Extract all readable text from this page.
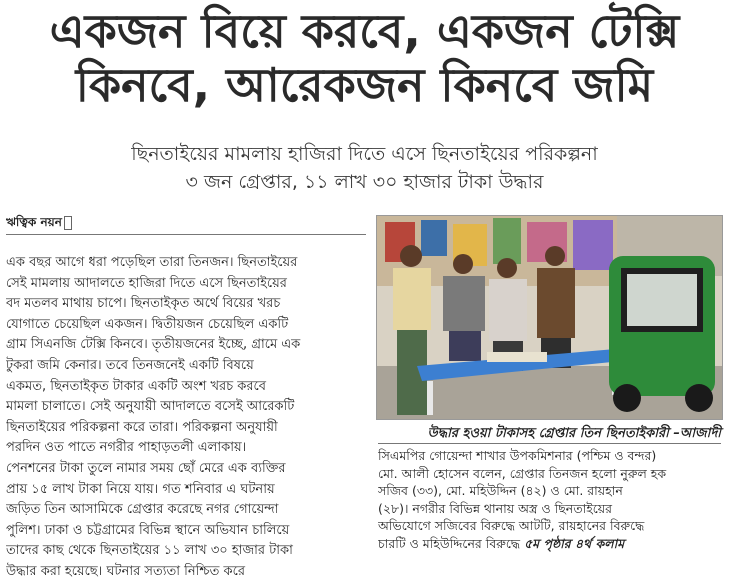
একজন বিয়ে করবে, একজন টেক্সি
কিনবে, আরেকজন কিনবে জমি
ছিনতাইয়ের মামলায় হাজিরা দিতে এসে ছিনতাইয়ের পরিকল্পনা
৩ জন গ্রেপ্তার, ১১ লাখ ৩০ হাজার টাকা উদ্ধার
ঋত্বিক নয়ন
এক বছর আগে ধরা পড়েছিল তারা তিনজন। ছিনতাইয়ের
সেই মামলায় আদালতে হাজিরা দিতে এসে ছিনতাইয়ের
বদ মতলব মাথায় চাপে। ছিনতাইকৃত অর্থে বিয়ের খরচ
যোগাতে চেয়েছিল একজন। দ্বিতীয়জন চেয়েছিল একটি
গ্রাম সিএনজি টেক্সি কিনবে। তৃতীয়জনের ইচ্ছে, গ্রামে এক
টুকরা জমি কেনার। তবে তিনজনেই একটি বিষয়ে
একমত, ছিনতাইকৃত টাকার একটি অংশ খরচ করবে
মামলা চালাতে। সেই অনুযায়ী আদালতে বসেই আরেকটি
ছিনতাইয়ের পরিকল্পনা করে তারা। পরিকল্পনা অনুযায়ী
পরদিন ওত পাতে নগরীর পাহাড়তলী এলাকায়।
পেনশনের টাকা তুলে নামার সময় ছোঁ মেরে এক ব্যক্তির
প্রায় ১৫ লাখ টাকা নিয়ে যায়। গত শনিবার এ ঘটনায়
জড়িত তিন আসামিকে গ্রেপ্তার করেছে নগর গোয়েন্দা
পুলিশ। ঢাকা ও চট্টগ্রামের বিভিন্ন স্থানে অভিযান চালিয়ে
তাদের কাছ থেকে ছিনতাইয়ের ১১ লাখ ৩০ হাজার টাকা
উদ্ধার করা হয়েছে। ঘটনার সত্যতা নিশ্চিত করে
উদ্ধার হওয়া টাকাসহ গ্রেপ্তার তিন ছিনতাইকারী –আজাদী
সিএমপির গোয়েন্দা শাখার উপকমিশনার (পশ্চিম ও বন্দর)
মো. আলী হোসেন বলেন, গ্রেপ্তার তিনজন হলো নুরুল হক
সজিব (৩৩), মো. মহিউদ্দিন (৪২) ও মো. রায়হান
(২৮)। নগরীর বিভিন্ন থানায় অস্ত্র ও ছিনতাইয়ের
অভিযোগে সজিবের বিরুদ্ধে আটটি, রায়হানের বিরুদ্ধে
চারটি ও মহিউদ্দিনের বিরুদ্ধে ৫ম পৃষ্ঠার ৪র্থ কলাম
